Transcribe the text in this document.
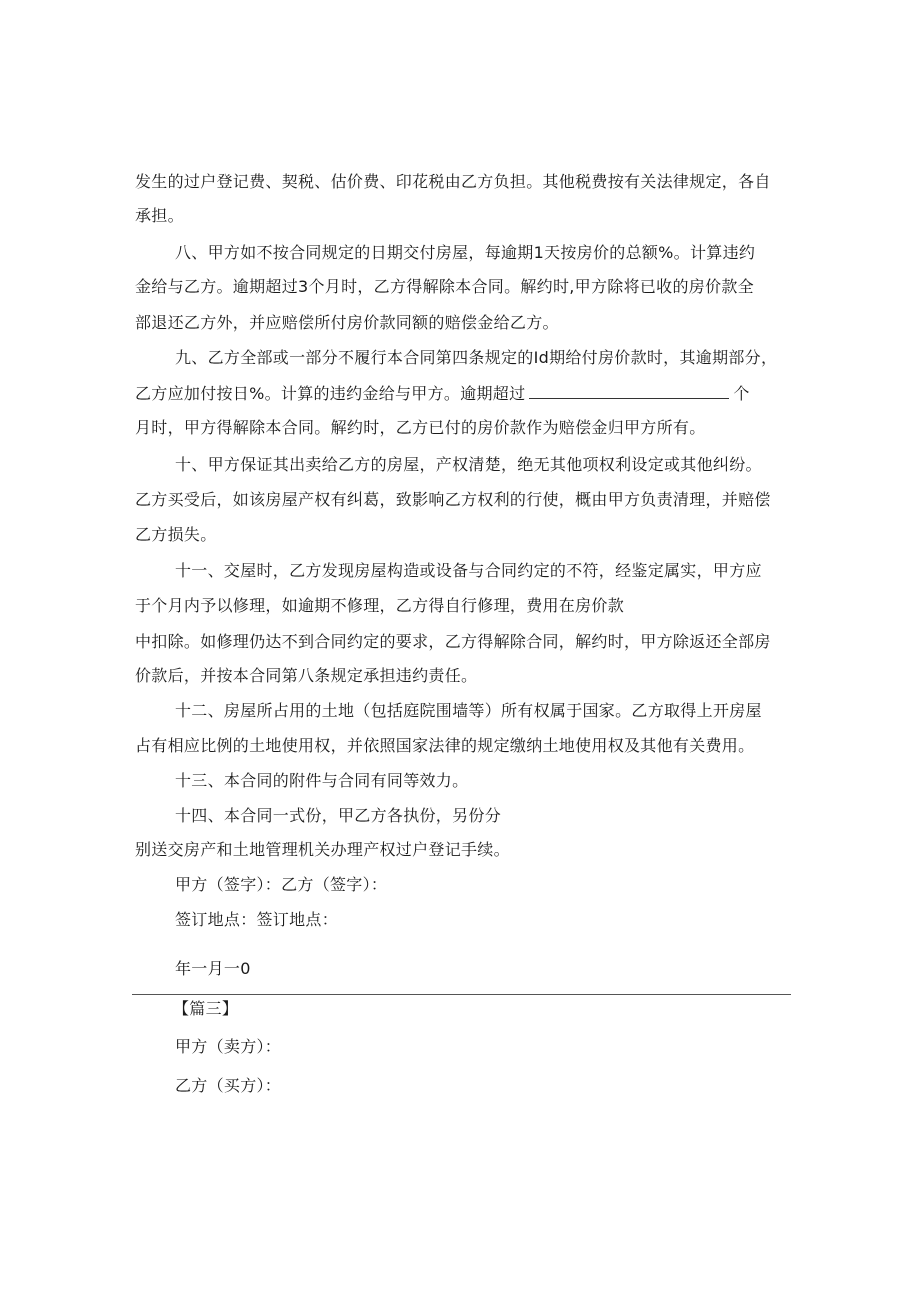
发生的过户登记费、契税、估价费、印花税由乙方负担。其他税费按有关法律规定，各自
承担。
八、甲方如不按合同规定的日期交付房屋，每逾期1天按房价的总额%。计算违约
金给与乙方。逾期超过3个月时，乙方得解除本合同。解约时,甲方除将已收的房价款全
部退还乙方外，并应赔偿所付房价款同额的赔偿金给乙方。
九、乙方全部或一部分不履行本合同第四条规定的Id期给付房价款时，其逾期部分，
乙方应加付按日%。计算的违约金给与甲方。逾期超过	个
月时，甲方得解除本合同。解约时，乙方已付的房价款作为赔偿金归甲方所有。
十、甲方保证其出卖给乙方的房屋，产权清楚，绝无其他项权利设定或其他纠纷。
乙方买受后，如该房屋产权有纠葛，致影响乙方权利的行使，概由甲方负责清理，并赔偿
乙方损失。
十一、交屋时，乙方发现房屋构造或设备与合同约定的不符，经鉴定属实，甲方应
于个月内予以修理，如逾期不修理，乙方得自行修理，费用在房价款
中扣除。如修理仍达不到合同约定的要求，乙方得解除合同，解约时，甲方除返还全部房
价款后，并按本合同第八条规定承担违约责任。
十二、房屋所占用的土地（包括庭院围墙等）所有权属于国家。乙方取得上开房屋
占有相应比例的土地使用权，并依照国家法律的规定缴纳土地使用权及其他有关费用。
十三、本合同的附件与合同有同等效力。
十四、本合同一式份，甲乙方各执份，另份分
别送交房产和土地管理机关办理产权过户登记手续。
甲方（签字）：乙方（签字）：
签订地点：签订地点：
年一月一0
【篇三】
甲方（卖方）：
乙方（买方）：
